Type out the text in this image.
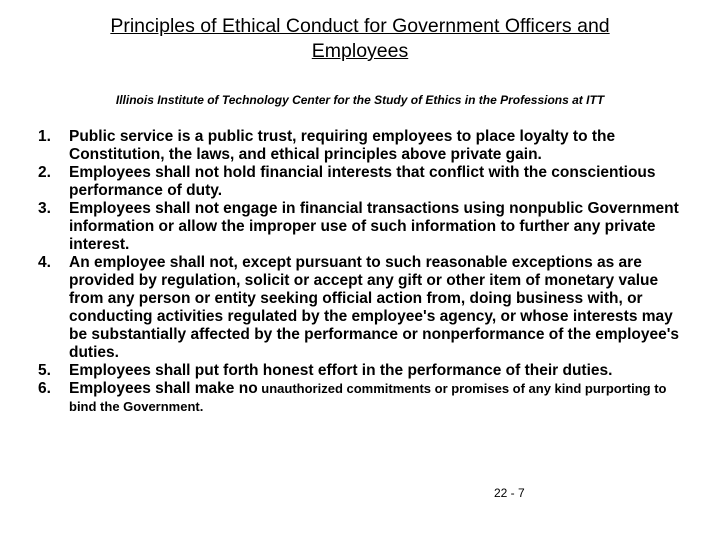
Principles of Ethical Conduct for Government Officers and Employees

Illinois Institute of Technology Center for the Study of Ethics in the Professions at ITT

1. Public service is a public trust, requiring employees to place loyalty to the Constitution, the laws, and ethical principles above private gain.
2. Employees shall not hold financial interests that conflict with the conscientious performance of duty.
3. Employees shall not engage in financial transactions using nonpublic Government information or allow the improper use of such information to further any private interest.
4. An employee shall not, except pursuant to such reasonable exceptions as are provided by regulation, solicit or accept any gift or other item of monetary value from any person or entity seeking official action from, doing business with, or conducting activities regulated by the employee's agency, or whose interests may be substantially affected by the performance or nonperformance of the employee's duties.
5. Employees shall put forth honest effort in the performance of their duties.
6. Employees shall make no unauthorized commitments or promises of any kind purporting to bind the Government.

22 - 7
